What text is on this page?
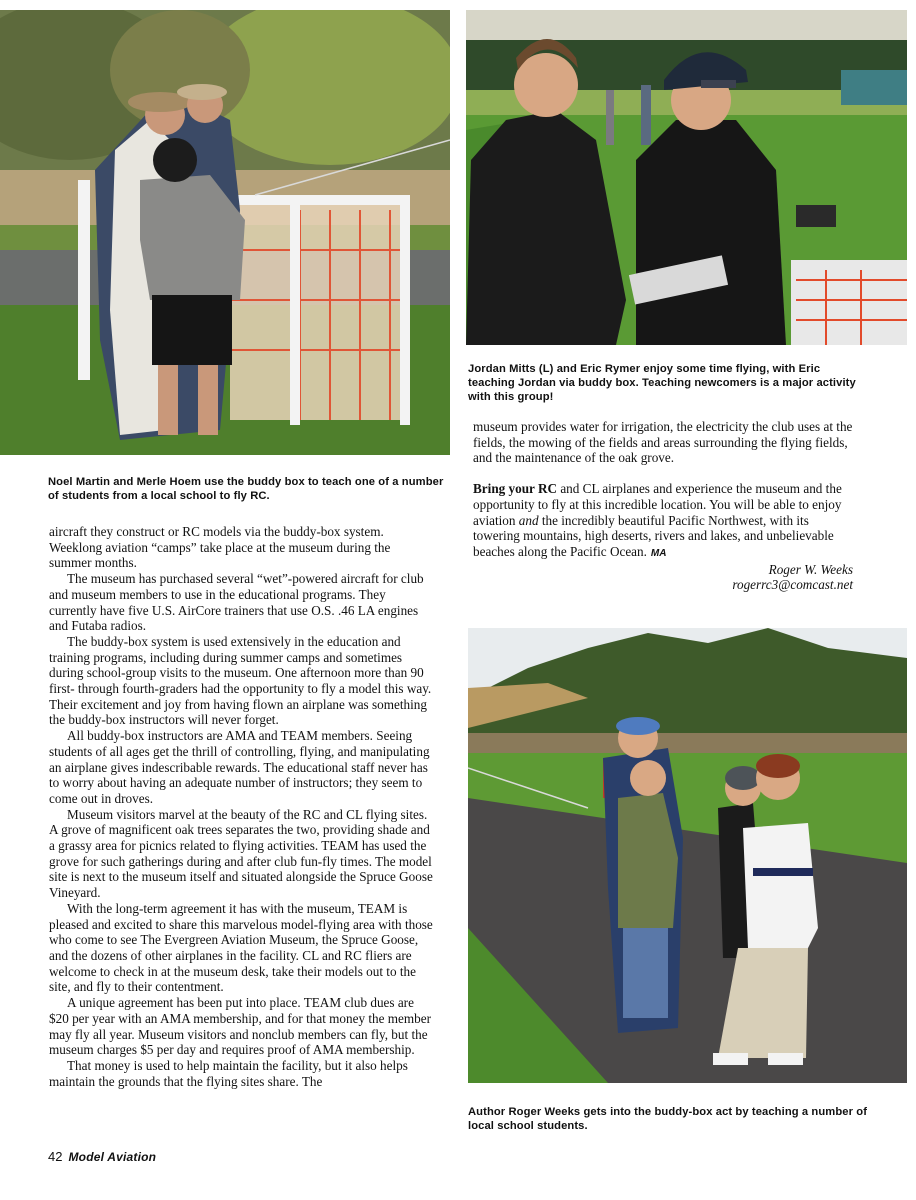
Noel Martin and Merle Hoem use the buddy box to teach one of a number of students from a local school to fly RC.
Jordan Mitts (L) and Eric Rymer enjoy some time flying, with Eric teaching Jordan via buddy box. Teaching newcomers is a major activity with this group!

aircraft they construct or RC models via the buddy-box system. Weeklong aviation “camps” take place at the museum during the summer months.

The museum has purchased several “wet”-powered aircraft for club and museum members to use in the educational programs. They currently have five U.S. AirCore trainers that use O.S. .46 LA engines and Futaba radios.

The buddy-box system is used extensively in the education and training programs, including during summer camps and sometimes during school-group visits to the museum. One afternoon more than 90 first- through fourth-graders had the opportunity to fly a model this way. Their excitement and joy from having flown an airplane was something the buddy-box instructors will never forget.

All buddy-box instructors are AMA and TEAM members. Seeing students of all ages get the thrill of controlling, flying, and manipulating an airplane gives indescribable rewards. The educational staff never has to worry about having an adequate number of instructors; they seem to come out in droves.

Museum visitors marvel at the beauty of the RC and CL flying sites. A grove of magnificent oak trees separates the two, providing shade and a grassy area for picnics related to flying activities. TEAM has used the grove for such gatherings during and after club fun-fly times. The model site is next to the museum itself and situated alongside the Spruce Goose Vineyard.

With the long-term agreement it has with the museum, TEAM is pleased and excited to share this marvelous model-flying area with those who come to see The Evergreen Aviation Museum, the Spruce Goose, and the dozens of other airplanes in the facility. CL and RC fliers are welcome to check in at the museum desk, take their models out to the site, and fly to their contentment.

A unique agreement has been put into place. TEAM club dues are $20 per year with an AMA membership, and for that money the member may fly all year. Museum visitors and nonclub members can fly, but the museum charges $5 per day and requires proof of AMA membership.

That money is used to help maintain the facility, but it also helps maintain the grounds that the flying sites share. The

museum provides water for irrigation, the electricity the club uses at the fields, the mowing of the fields and areas surrounding the flying fields, and the maintenance of the oak grove.

Bring your RC and CL airplanes and experience the museum and the opportunity to fly at this incredible location. You will be able to enjoy aviation and the incredibly beautiful Pacific Northwest, with its towering mountains, high deserts, rivers and lakes, and unbelievable beaches along the Pacific Ocean. MA

Roger W. Weeks

rogerrc3@comcast.net

Author Roger Weeks gets into the buddy-box act by teaching a number of local school students.
42 Model Aviation
